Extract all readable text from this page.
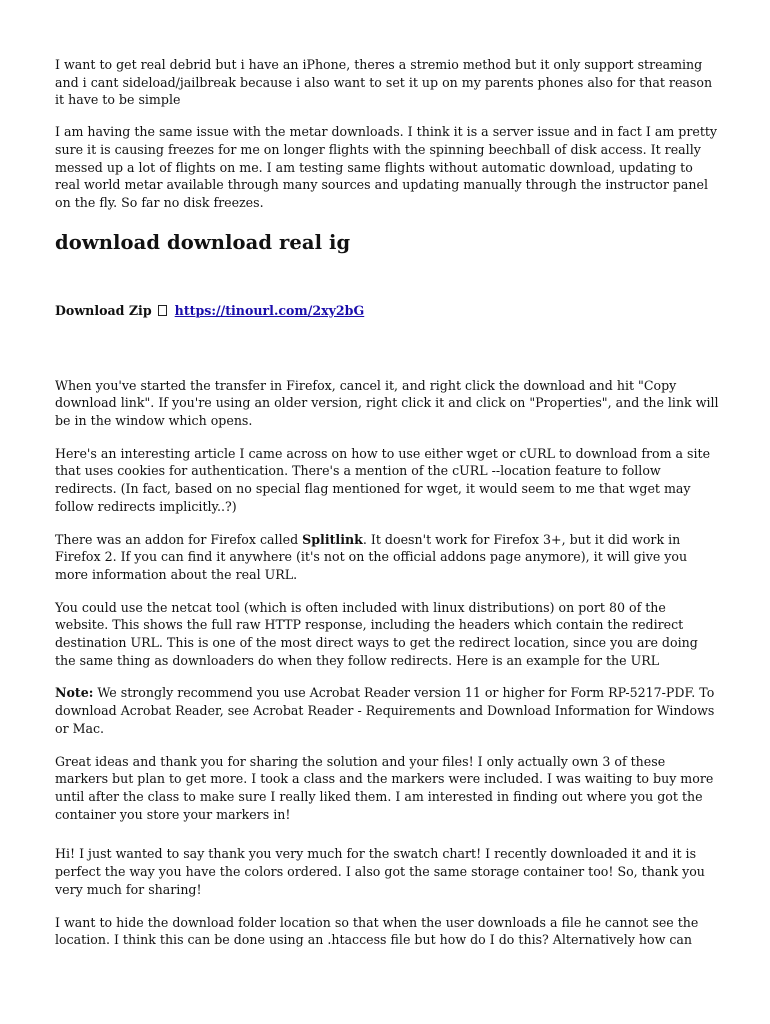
I want to get real debrid but i have an iPhone, theres a stremio method but it only support streaming and i cant sideload/jailbreak because i also want to set it up on my parents phones also for that reason it have to be simple

I am having the same issue with the metar downloads. I think it is a server issue and in fact I am pretty sure it is causing freezes for me on longer flights with the spinning beechball of disk access. It really messed up a lot of flights on me. I am testing same flights without automatic download, updating to real world metar available through many sources and updating manually through the instructor panel on the fly. So far no disk freezes.

download download real ig
Download Zip https://tinourl.com/2xy2bG

When you've started the transfer in Firefox, cancel it, and right click the download and hit "Copy download link". If you're using an older version, right click it and click on "Properties", and the link will be in the window which opens.

Here's an interesting article I came across on how to use either wget or cURL to download from a site that uses cookies for authentication. There's a mention of the cURL --location feature to follow redirects. (In fact, based on no special flag mentioned for wget, it would seem to me that wget may follow redirects implicitly..?)

There was an addon for Firefox called Splitlink. It doesn't work for Firefox 3+, but it did work in Firefox 2. If you can find it anywhere (it's not on the official addons page anymore), it will give you more information about the real URL.

You could use the netcat tool (which is often included with linux distributions) on port 80 of the website. This shows the full raw HTTP response, including the headers which contain the redirect destination URL. This is one of the most direct ways to get the redirect location, since you are doing the same thing as downloaders do when they follow redirects. Here is an example for the URL

Note: We strongly recommend you use Acrobat Reader version 11 or higher for Form RP-5217-PDF. To download Acrobat Reader, see Acrobat Reader - Requirements and Download Information for Windows or Mac.

Great ideas and thank you for sharing the solution and your files! I only actually own 3 of these markers but plan to get more. I took a class and the markers were included. I was waiting to buy more until after the class to make sure I really liked them. I am interested in finding out where you got the container you store your markers in!

Hi! I just wanted to say thank you very much for the swatch chart! I recently downloaded it and it is perfect the way you have the colors ordered. I also got the same storage container too! So, thank you very much for sharing!

I want to hide the download folder location so that when the user downloads a file he cannot see the location. I think this can be done using an .htaccess file but how do I do this? Alternatively how can
